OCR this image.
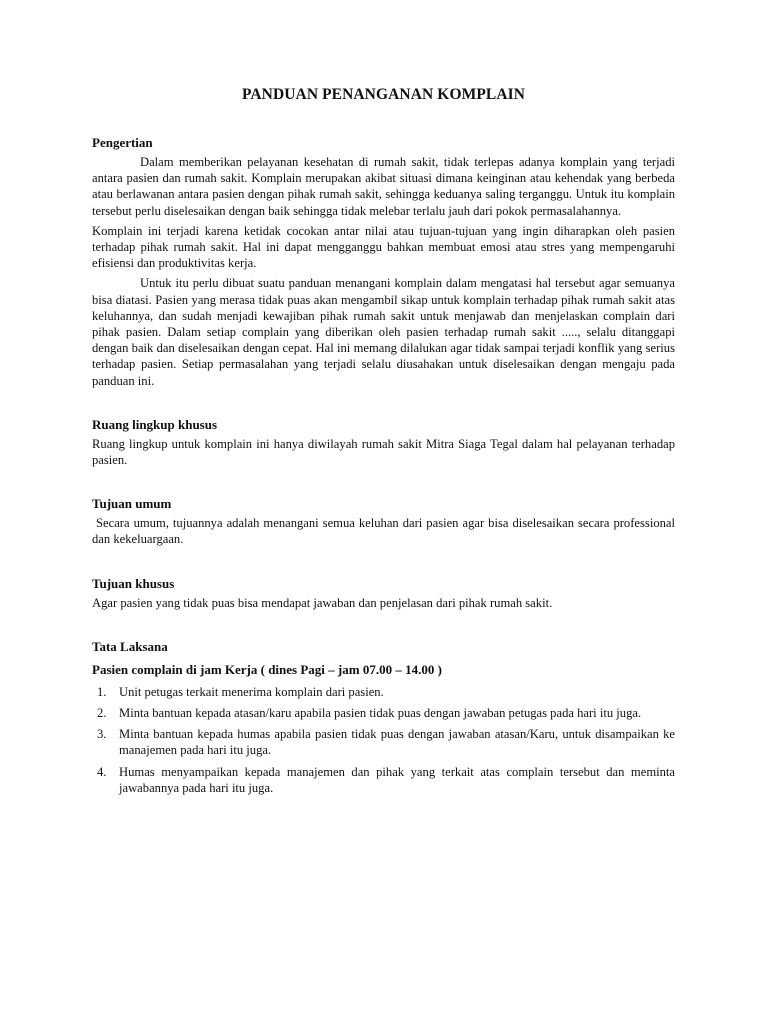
PANDUAN PENANGANAN KOMPLAIN
Pengertian

Dalam memberikan pelayanan kesehatan di rumah sakit, tidak terlepas adanya komplain yang terjadi antara pasien dan rumah sakit. Komplain merupakan akibat situasi dimana keinginan atau kehendak yang berbeda atau berlawanan antara pasien dengan pihak rumah sakit, sehingga keduanya saling terganggu. Untuk itu komplain tersebut perlu diselesaikan dengan baik sehingga tidak melebar terlalu jauh dari pokok permasalahannya.

Komplain ini terjadi karena ketidak cocokan antar nilai atau tujuan-tujuan yang ingin diharapkan oleh pasien terhadap pihak rumah sakit. Hal ini dapat mengganggu bahkan membuat emosi atau stres yang mempengaruhi efisiensi dan produktivitas kerja.

Untuk itu perlu dibuat suatu panduan menangani komplain dalam mengatasi hal tersebut agar semuanya bisa diatasi. Pasien yang merasa tidak puas akan mengambil sikap untuk komplain terhadap pihak rumah sakit atas keluhannya, dan sudah menjadi kewajiban pihak rumah sakit untuk menjawab dan menjelaskan complain dari pihak pasien. Dalam setiap complain yang diberikan oleh pasien terhadap rumah sakit ....., selalu ditanggapi dengan baik dan diselesaikan dengan cepat. Hal ini memang dilalukan agar tidak sampai terjadi konflik yang serius terhadap pasien. Setiap permasalahan yang terjadi selalu diusahakan untuk diselesaikan dengan mengaju pada panduan ini.

Ruang lingkup khusus

Ruang lingkup untuk komplain ini hanya diwilayah rumah sakit Mitra Siaga Tegal dalam hal pelayanan terhadap pasien.

Tujuan umum

Secara umum, tujuannya adalah menangani semua keluhan dari pasien agar bisa diselesaikan secara professional dan kekeluargaan.

Tujuan khusus

Agar pasien yang tidak puas bisa mendapat jawaban dan penjelasan dari pihak rumah sakit.

Tata Laksana
Pasien complain di jam Kerja ( dines Pagi – jam 07.00 – 14.00 )
1. Unit petugas terkait menerima komplain dari pasien.
2. Minta bantuan kepada atasan/karu apabila pasien tidak puas dengan jawaban petugas pada hari itu juga.
3. Minta bantuan kepada humas apabila pasien tidak puas dengan jawaban atasan/Karu, untuk disampaikan ke manajemen pada hari itu juga.
4. Humas menyampaikan kepada manajemen dan pihak yang terkait atas complain tersebut dan meminta jawabannya pada hari itu juga.
